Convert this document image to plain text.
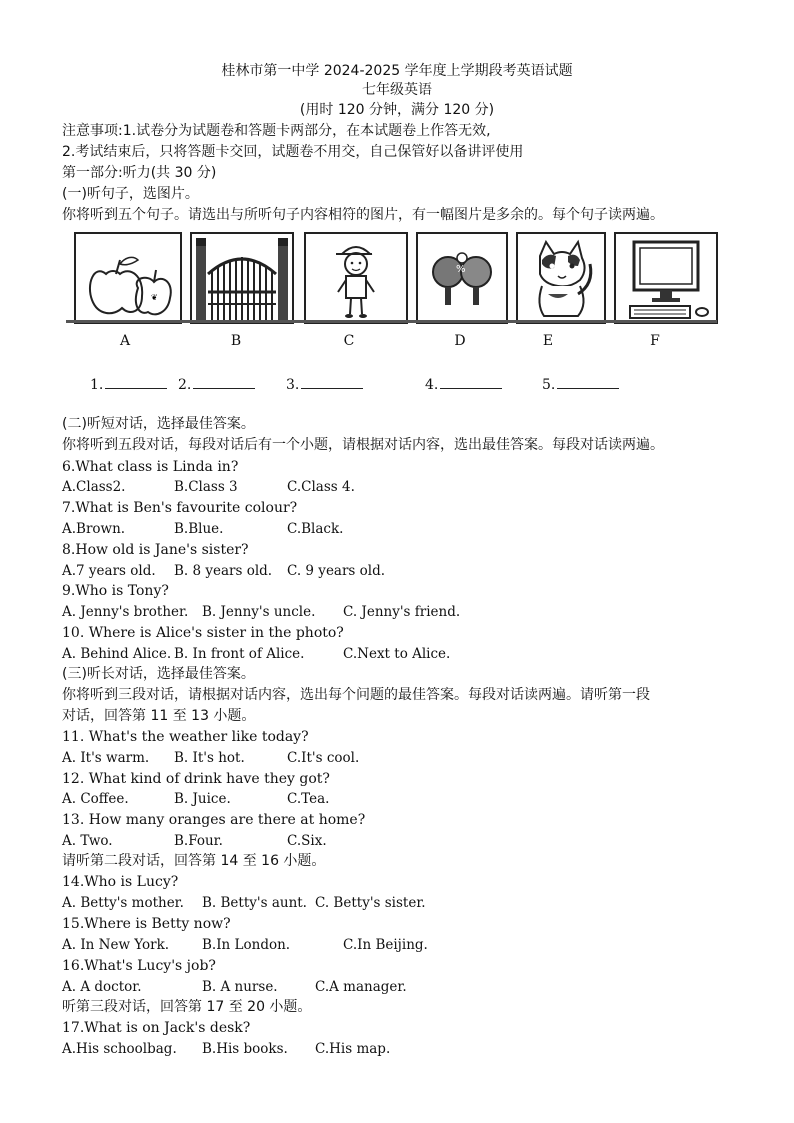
桂林市第一中学 2024-2025 学年度上学期段考英语试题
七年级英语
(用时 120 分钟，满分 120 分)
注意事项:1.试卷分为试题卷和答题卡两部分，在本试题卷上作答无效,
2.考试结束后，只将答题卡交回，试题卷不用交，自己保管好以备讲评使用
第一部分:听力(共 30 分)
(一)听句子，选图片。
你将听到五个句子。请选出与所听句子内容相符的图片，有一幅图片是多余的。每个句子读两遍。
❦
%
A	B	C	D	E	F
1.	2.	3.	4.	5.
(二)听短对话，选择最佳答案。
你将听到五段对话，每段对话后有一个小题，请根据对话内容，选出最佳答案。每段对话读两遍。
6.What class is Linda in?
A.Class2.	B.Class 3	C.Class 4.
7.What is Ben's favourite colour?
A.Brown.	B.Blue.	C.Black.
8.How old is Jane's sister?
A.7 years old. B. 8 years old. C. 9 years old.
9.Who is Tony?
A. Jenny's brother. B. Jenny's uncle. C. Jenny's friend.
10. Where is Alice's sister in the photo?
A. Behind Alice. B. In front of Alice.	C.Next to Alice.
(三)听长对话，选择最佳答案。
你将听到三段对话，请根据对话内容，选出每个问题的最佳答案。每段对话读两遍。请听第一段
对话，回答第 11 至 13 小题。
11. What's the weather like today?
A. It's warm. B. It's hot.	C.It's cool.
12. What kind of drink have they got?
A. Coffee.	B. Juice.	C.Tea.
13. How many oranges are there at home?
A. Two.	B.Four.	C.Six.
请听第二段对话，回答第 14 至 16 小题。
14.Who is Lucy?
A. Betty's mother. B. Betty's aunt. C. Betty's sister.
15.Where is Betty now?
A. In New York. B.In London.	C.In Beijing.
16.What's Lucy's job?
A. A doctor.	B. A nurse.	C.A manager.
听第三段对话，回答第 17 至 20 小题。
17.What is on Jack's desk?
A.His schoolbag. B.His books. C.His map.
